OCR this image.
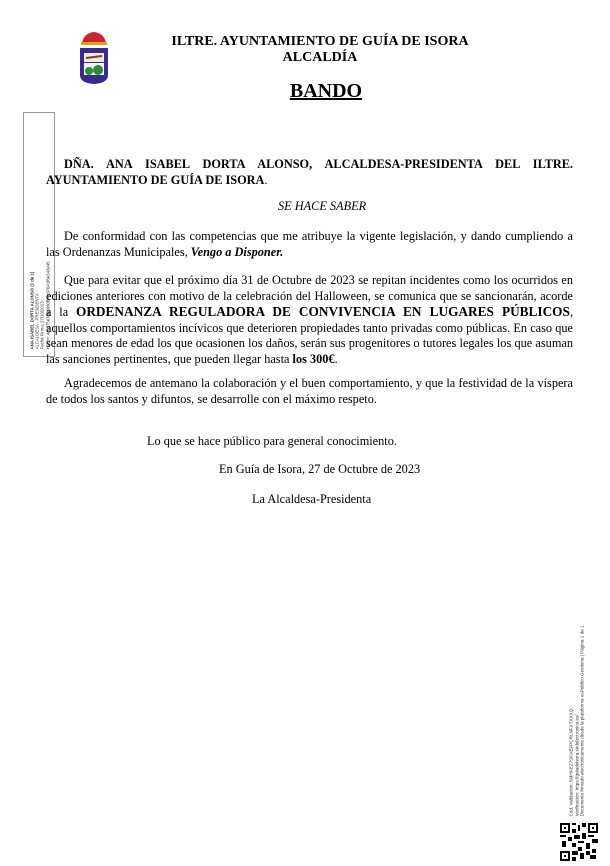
ILTRE. AYUNTAMIENTO DE GUÍA DE ISORA
ALCALDÍA
BANDO
ANA ISABEL DORTA ALONSO (1 de 1) ALCALDESA - PRESIDENTA Fecha Firma: 27/10/2023 HASH: 4cc675e3806680fb4a37041f8e343e45
DÑA. ANA ISABEL DORTA ALONSO, ALCALDESA-PRESIDENTA DEL ILTRE. AYUNTAMIENTO DE GUÍA DE ISORA.
SE HACE SABER
De conformidad con las competencias que me atribuye la vigente legislación, y dando cumpliendo a las Ordenanzas Municipales, Vengo a Disponer.
Que para evitar que el próximo día 31 de Octubre de 2023 se repitan incidentes como los ocurridos en ediciones anteriores con motivo de la celebración del Halloween, se comunica que se sancionarán, acorde a la ORDENANZA REGULADORA DE CONVIVENCIA EN LUGARES PÚBLICOS, aquellos comportamientos incívicos que deterioren propiedades tanto privadas como públicas. En caso que sean menores de edad los que ocasionen los daños, serán sus progenitores o tutores legales los que asuman las sanciones pertinentes, que pueden llegar hasta los 300€.
Agradecemos de antemano la colaboración y el buen comportamiento, y que la festividad de la víspera de todos los santos y difuntos, se desarrolle con el máximo respeto.
Lo que se hace público para general conocimiento.
En Guía de Isora, 27 de Octubre de 2023
La Alcaldesa-Presidenta
Cód. Validación: 5MHAEZ7SKAEFPCRLNFXTXXXQ Verificación: https://guiadeisora.sedelectronica.es/ Documento firmado electrónicamente desde la plataforma esPublico Gestiona | Página 1 de 1
